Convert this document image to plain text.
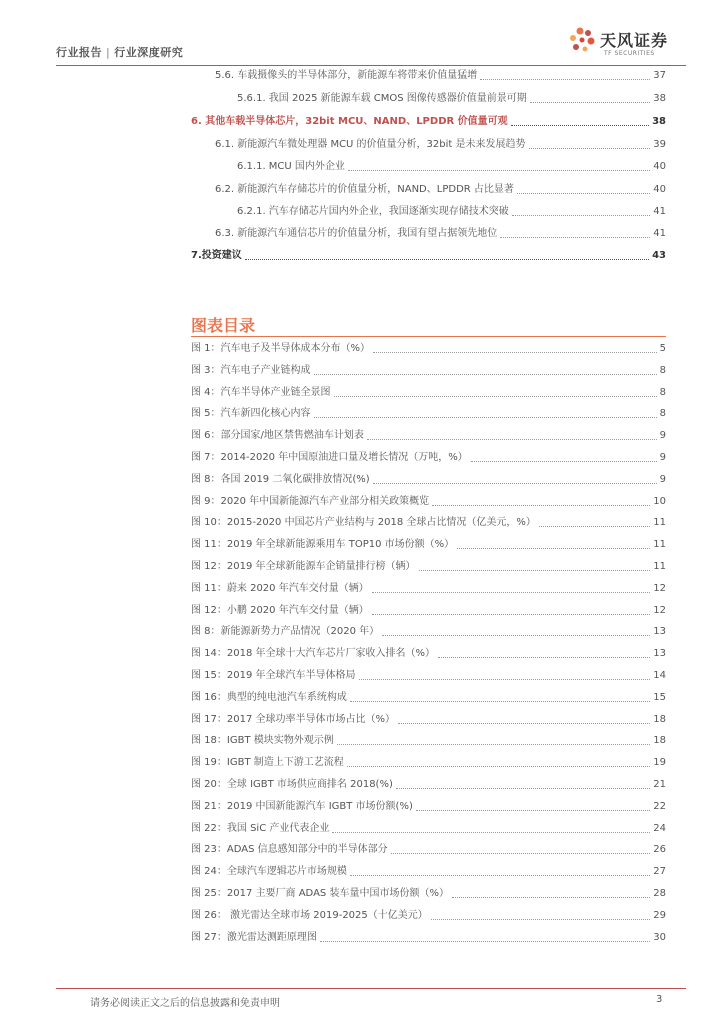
行业报告 | 行业深度研究
天风证券
TF SECURITIES
5.6. 车载摄像头的半导体部分，新能源车将带来价值量猛增	37
5.6.1. 我国 2025 新能源车载 CMOS 图像传感器价值量前景可期	38
6. 其他车载半导体芯片，32bit MCU、NAND、LPDDR 价值量可观	38
6.1. 新能源汽车微处理器 MCU 的价值量分析，32bit 是未来发展趋势	39
6.1.1. MCU 国内外企业	40
6.2. 新能源汽车存储芯片的价值量分析，NAND、LPDDR 占比显著	40
6.2.1. 汽车存储芯片国内外企业，我国逐渐实现存储技术突破	41
6.3. 新能源汽车通信芯片的价值量分析，我国有望占据领先地位	41
7.投资建议	43
图表目录
图 1：汽车电子及半导体成本分布（%）	5
图 3：汽车电子产业链构成	8
图 4：汽车半导体产业链全景图	8
图 5：汽车新四化核心内容	8
图 6：部分国家/地区禁售燃油车计划表	9
图 7：2014-2020 年中国原油进口量及增长情况（万吨，%）	9
图 8：各国 2019 二氧化碳排放情况(%)	9
图 9：2020 年中国新能源汽车产业部分相关政策概览	10
图 10：2015-2020 中国芯片产业结构与 2018 全球占比情况（亿美元，%）	11
图 11：2019 年全球新能源乘用车 TOP10 市场份额（%）	11
图 12：2019 年全球新能源车企销量排行榜（辆）	11
图 11：蔚来 2020 年汽车交付量（辆）	12
图 12：小鹏 2020 年汽车交付量（辆）	12
图 8：新能源新势力产品情况（2020 年）	13
图 14：2018 年全球十大汽车芯片厂家收入排名（%）	13
图 15：2019 年全球汽车半导体格局	14
图 16：典型的纯电池汽车系统构成	15
图 17：2017 全球功率半导体市场占比（%）	18
图 18：IGBT 模块实物外观示例	18
图 19：IGBT 制造上下游工艺流程	19
图 20：全球 IGBT 市场供应商排名 2018(%)	21
图 21：2019 中国新能源汽车 IGBT 市场份额(%)	22
图 22：我国 SiC 产业代表企业	24
图 23：ADAS 信息感知部分中的半导体部分	26
图 24：全球汽车逻辑芯片市场规模	27
图 25：2017 主要厂商 ADAS 装车量中国市场份额（%）	28
图 26： 激光雷达全球市场 2019-2025（十亿美元）	29
图 27：激光雷达测距原理图	30
请务必阅读正文之后的信息披露和免责申明	3
